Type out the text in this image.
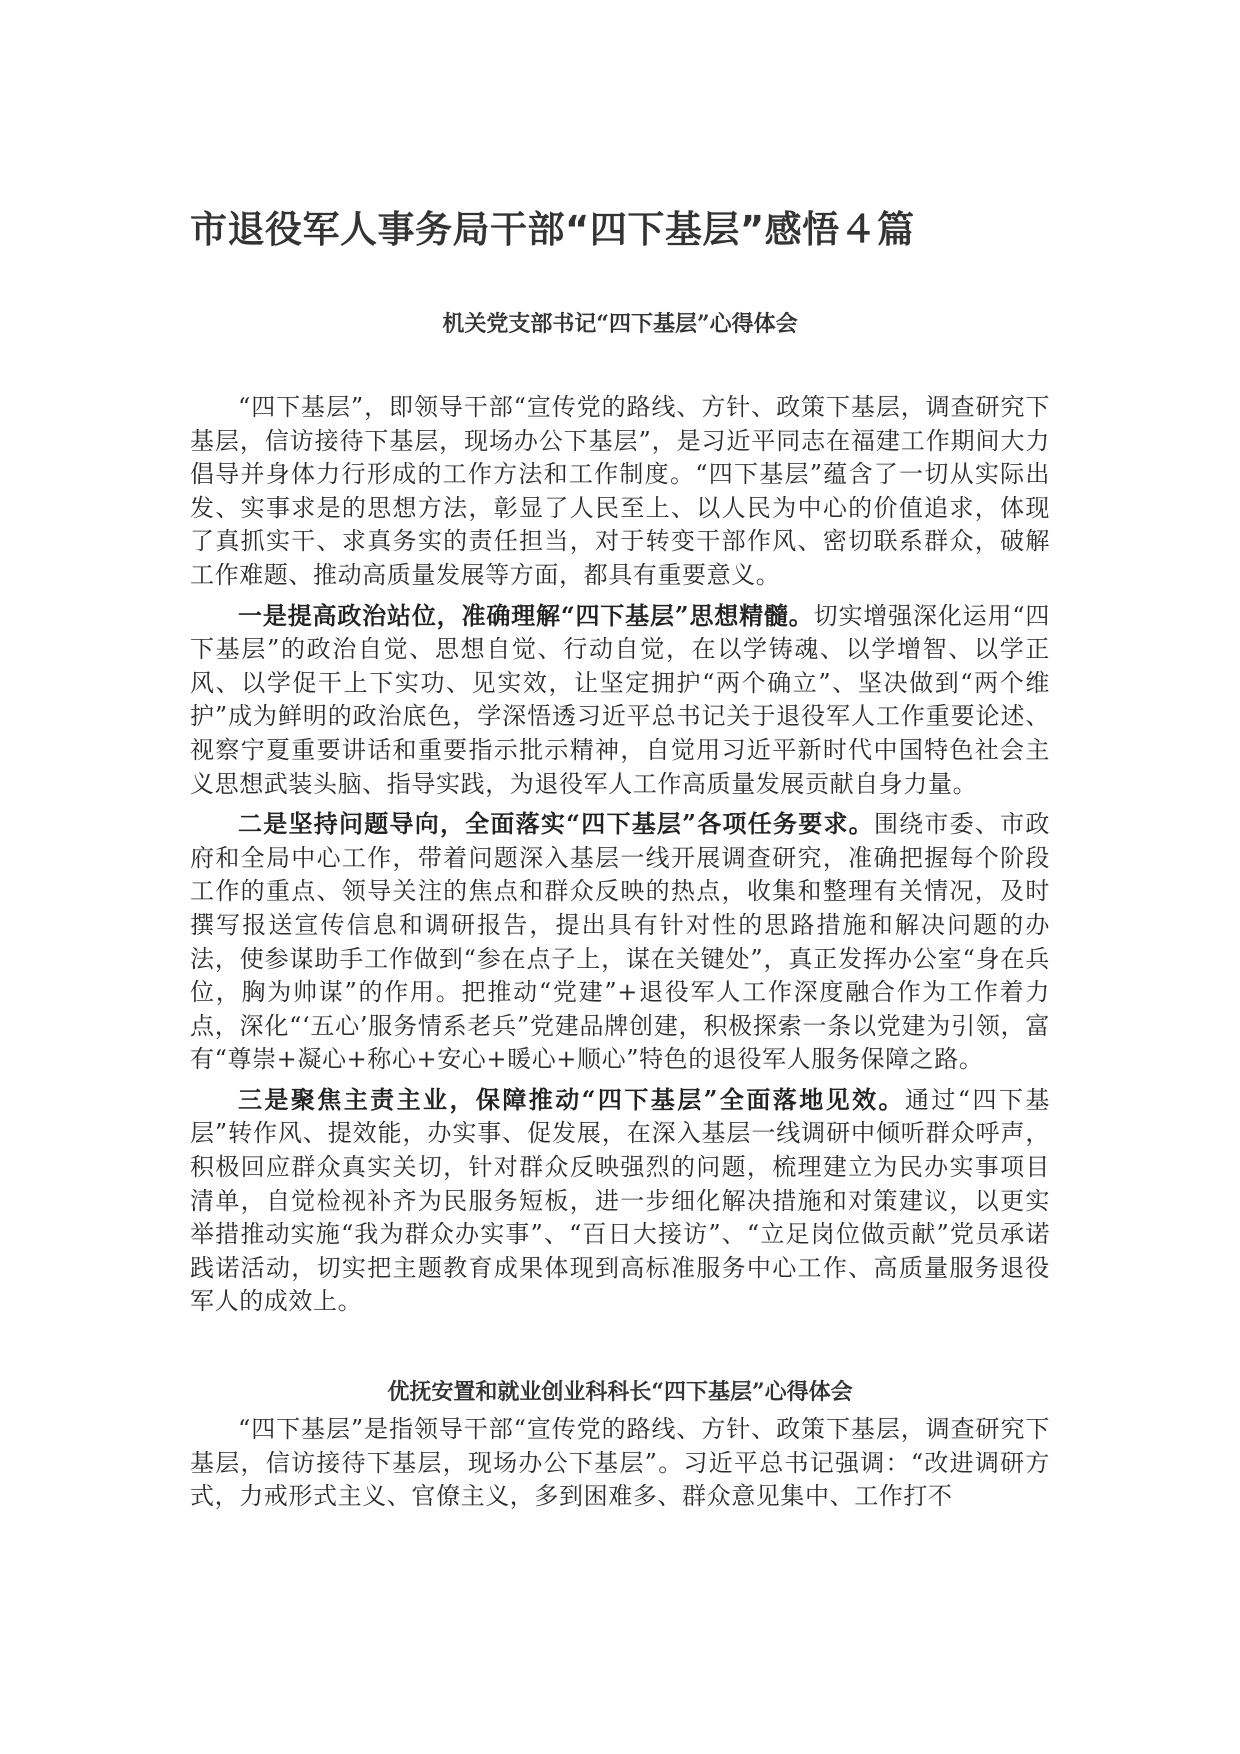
市退役军人事务局干部“四下基层”感悟４篇
机关党支部书记“四下基层”心得体会

“四下基层”，即领导干部“宣传党的路线、方针、政策下基层，调查研究下基层，信访接待下基层，现场办公下基层”，是习近平同志在福建工作期间大力倡导并身体力行形成的工作方法和工作制度。“四下基层”蕴含了一切从实际出发、实事求是的思想方法，彰显了人民至上、以人民为中心的价值追求，体现了真抓实干、求真务实的责任担当，对于转变干部作风、密切联系群众，破解工作难题、推动高质量发展等方面，都具有重要意义。

一是提高政治站位，准确理解“四下基层”思想精髓。切实增强深化运用“四下基层”的政治自觉、思想自觉、行动自觉，在以学铸魂、以学增智、以学正风、以学促干上下实功、见实效，让坚定拥护“两个确立”、坚决做到“两个维护”成为鲜明的政治底色，学深悟透习近平总书记关于退役军人工作重要论述、视察宁夏重要讲话和重要指示批示精神，自觉用习近平新时代中国特色社会主义思想武装头脑、指导实践，为退役军人工作高质量发展贡献自身力量。

二是坚持问题导向，全面落实“四下基层”各项任务要求。围绕市委、市政府和全局中心工作，带着问题深入基层一线开展调查研究，准确把握每个阶段工作的重点、领导关注的焦点和群众反映的热点，收集和整理有关情况，及时撰写报送宣传信息和调研报告，提出具有针对性的思路措施和解决问题的办法，使参谋助手工作做到“参在点子上，谋在关键处”，真正发挥办公室“身在兵位，胸为帅谋”的作用。把推动“党建”+退役军人工作深度融合作为工作着力点，深化“‘五心’服务情系老兵”党建品牌创建，积极探索一条以党建为引领，富有“尊崇+凝心+称心+安心+暖心+顺心”特色的退役军人服务保障之路。

三是聚焦主责主业，保障推动“四下基层”全面落地见效。通过“四下基层”转作风、提效能，办实事、促发展，在深入基层一线调研中倾听群众呼声，积极回应群众真实关切，针对群众反映强烈的问题，梳理建立为民办实事项目清单，自觉检视补齐为民服务短板，进一步细化解决措施和对策建议，以更实举措推动实施“我为群众办实事”、“百日大接访”、“立足岗位做贡献”党员承诺践诺活动，切实把主题教育成果体现到高标准服务中心工作、高质量服务退役军人的成效上。

优抚安置和就业创业科科长“四下基层”心得体会

“四下基层”是指领导干部“宣传党的路线、方针、政策下基层，调查研究下基层，信访接待下基层，现场办公下基层”。习近平总书记强调：“改进调研方式，力戒形式主义、官僚主义，多到困难多、群众意见集中、工作打不
